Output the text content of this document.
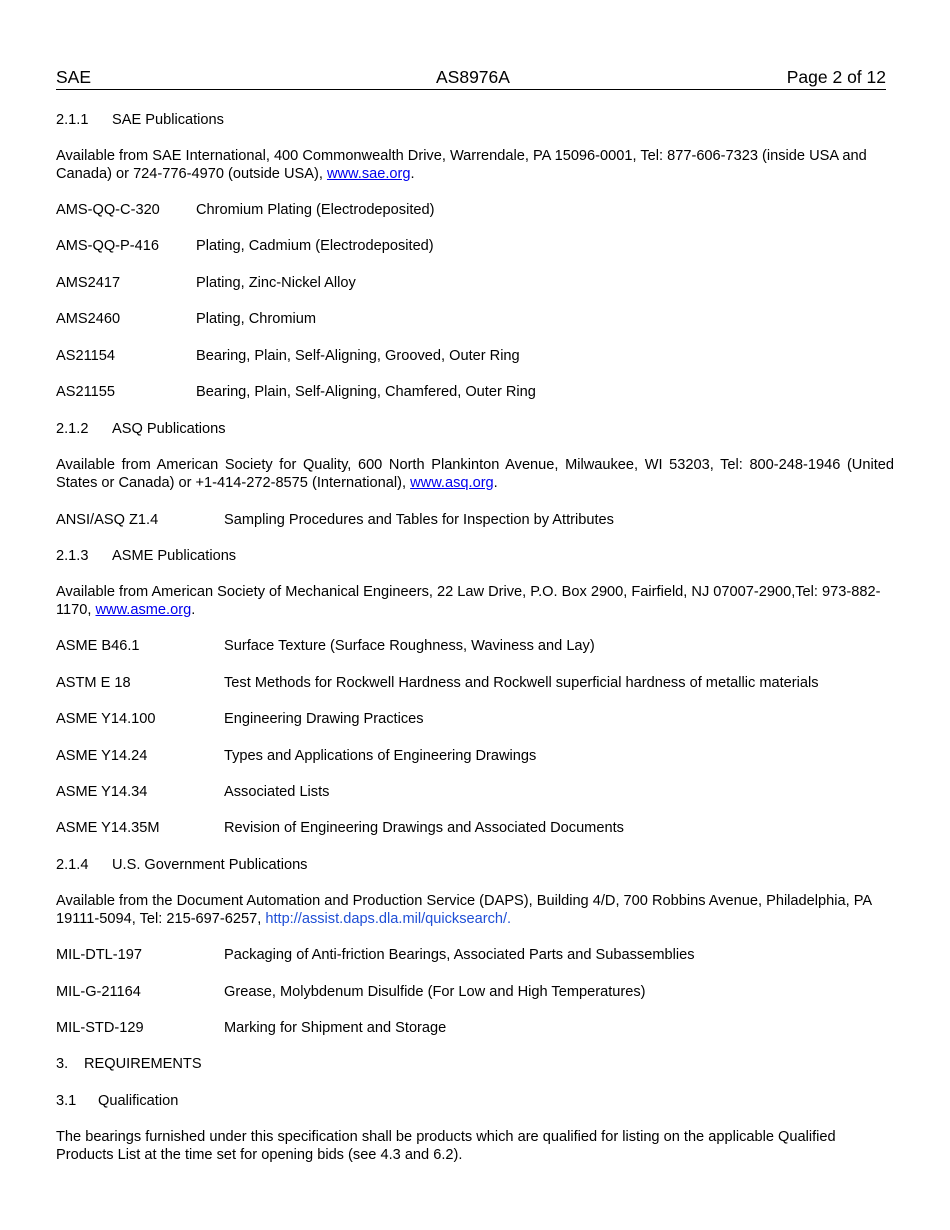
SAE	AS8976A	Page 2 of 12
2.1.1 SAE Publications
Available from SAE International, 400 Commonwealth Drive, Warrendale, PA 15096-0001, Tel: 877-606-7323 (inside USA and Canada) or 724-776-4970 (outside USA), www.sae.org.
AMS-QQ-C-320 Chromium Plating (Electrodeposited)
AMS-QQ-P-416	Plating, Cadmium (Electrodeposited)
AMS2417	Plating, Zinc-Nickel Alloy
AMS2460	Plating, Chromium
AS21154	Bearing, Plain, Self-Aligning, Grooved, Outer Ring
AS21155	Bearing, Plain, Self-Aligning, Chamfered, Outer Ring
2.1.2 ASQ Publications
Available from American Society for Quality, 600 North Plankinton Avenue, Milwaukee, WI 53203, Tel: 800-248-1946 (United States or Canada) or +1-414-272-8575 (International), www.asq.org.
ANSI/ASQ Z1.4	Sampling Procedures and Tables for Inspection by Attributes
2.1.3 ASME Publications
Available from American Society of Mechanical Engineers, 22 Law Drive, P.O. Box 2900, Fairfield, NJ 07007-2900,Tel: 973-882-1170, www.asme.org.
ASME B46.1	Surface Texture (Surface Roughness, Waviness and Lay)
ASTM E 18	Test Methods for Rockwell Hardness and Rockwell superficial hardness of metallic materials
ASME Y14.100	Engineering Drawing Practices
ASME Y14.24	Types and Applications of Engineering Drawings
ASME Y14.34	Associated Lists
ASME Y14.35M	Revision of Engineering Drawings and Associated Documents
2.1.4 U.S. Government Publications
Available from the Document Automation and Production Service (DAPS), Building 4/D, 700 Robbins Avenue, Philadelphia, PA 19111-5094, Tel: 215-697-6257, http://assist.daps.dla.mil/quicksearch/.
MIL-DTL-197	Packaging of Anti-friction Bearings, Associated Parts and Subassemblies
MIL-G-21164	Grease, Molybdenum Disulfide (For Low and High Temperatures)
MIL-STD-129	Marking for Shipment and Storage
3. REQUIREMENTS
3.1 Qualification
The bearings furnished under this specification shall be products which are qualified for listing on the applicable Qualified Products List at the time set for opening bids (see 4.3 and 6.2).
